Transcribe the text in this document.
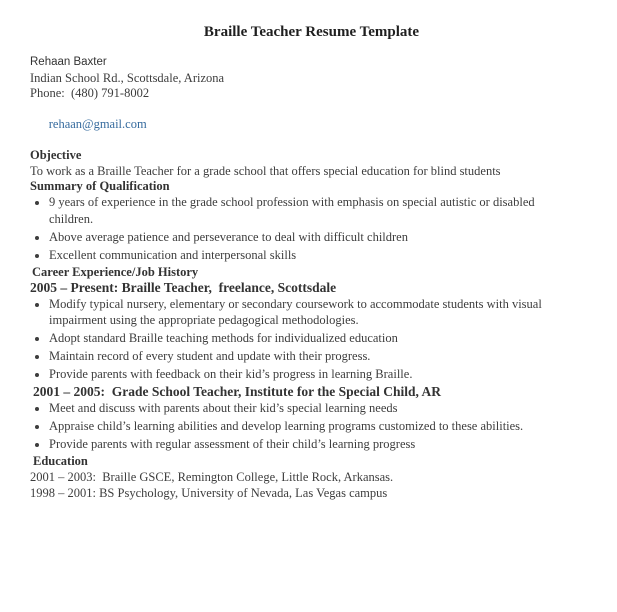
Braille Teacher Resume Template
Rehaan Baxter
Indian School Rd., Scottsdale, Arizona
Phone:  (480) 791-8002

rehaan@gmail.com

Objective

To work as a Braille Teacher for a grade school that offers special education for blind students

Summary of Qualification
• 9 years of experience in the grade school profession with emphasis on special autistic or disabled children.
• Above average patience and perseverance to deal with difficult children
• Excellent communication and interpersonal skills
Career Experience/Job History
2005 – Present: Braille Teacher,  freelance, Scottsdale
• Modify typical nursery, elementary or secondary coursework to accommodate students with visual impairment using the appropriate pedagogical methodologies.
• Adopt standard Braille teaching methods for individualized education
• Maintain record of every student and update with their progress.
• Provide parents with feedback on their kid’s progress in learning Braille.
2001 – 2005:  Grade School Teacher, Institute for the Special Child, AR
• Meet and discuss with parents about their kid’s special learning needs
• Appraise child’s learning abilities and develop learning programs customized to these abilities.
• Provide parents with regular assessment of their child’s learning progress
Education

2001 – 2003:  Braille GSCE, Remington College, Little Rock, Arkansas.

1998 – 2001: BS Psychology, University of Nevada, Las Vegas campus
